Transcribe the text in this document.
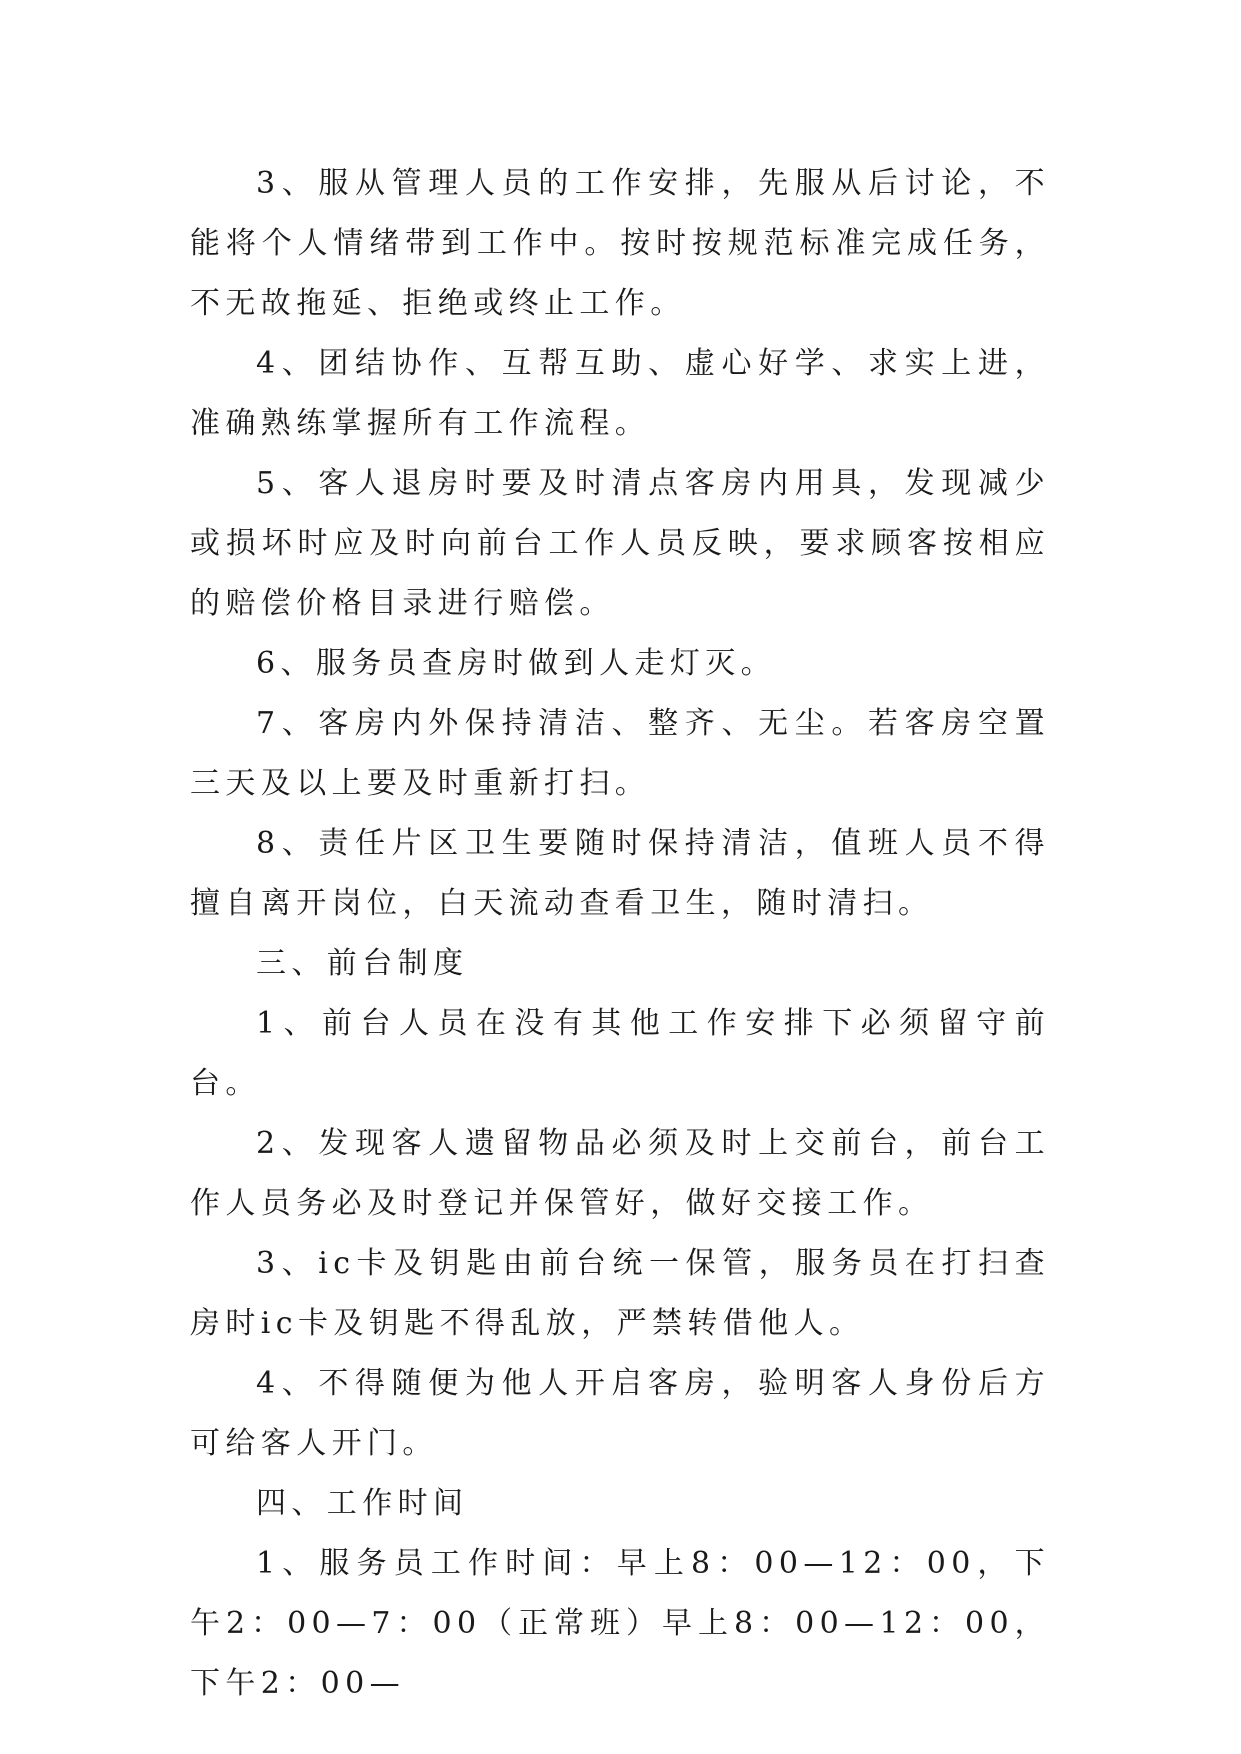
3、服从管理人员的工作安排，先服从后讨论，不能将个人情绪带到工作中。按时按规范标准完成任务，不无故拖延、拒绝或终止工作。

4、团结协作、互帮互助、虚心好学、求实上进，准确熟练掌握所有工作流程。

5、客人退房时要及时清点客房内用具，发现减少或损坏时应及时向前台工作人员反映，要求顾客按相应的赔偿价格目录进行赔偿。

6、服务员查房时做到人走灯灭。

7、客房内外保持清洁、整齐、无尘。若客房空置三天及以上要及时重新打扫。

8、责任片区卫生要随时保持清洁，值班人员不得擅自离开岗位，白天流动查看卫生，随时清扫。

三、前台制度

1、前台人员在没有其他工作安排下必须留守前台。

2、发现客人遗留物品必须及时上交前台，前台工作人员务必及时登记并保管好，做好交接工作。

3、ic卡及钥匙由前台统一保管，服务员在打扫查房时ic卡及钥匙不得乱放，严禁转借他人。

4、不得随便为他人开启客房，验明客人身份后方可给客人开门。

四、工作时间

1、服务员工作时间：早上8：00—12：00，下午2：00—7：00（正常班）早上8：00—12：00，下午2：00—
